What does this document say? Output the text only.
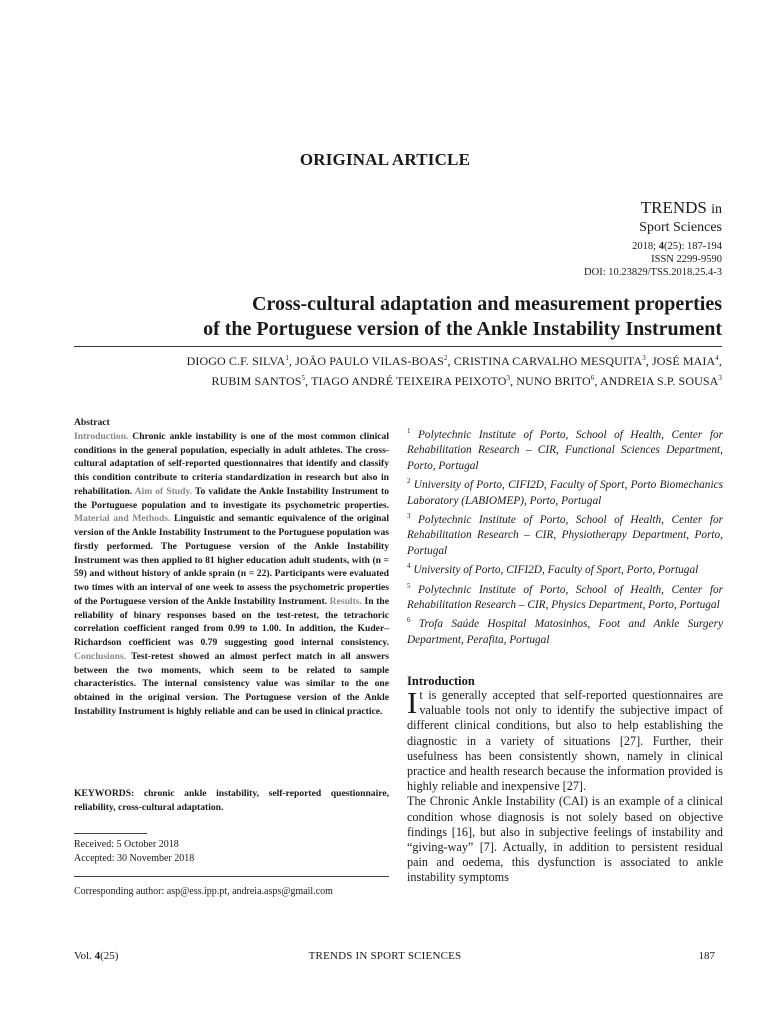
ORIGINAL ARTICLE
TRENDS in
Sport Sciences
2018; 4(25): 187-194
ISSN 2299-9590
DOI: 10.23829/TSS.2018.25.4-3
Cross-cultural adaptation and measurement properties
of the Portuguese version of the Ankle Instability Instrument
DIOGO C.F. SILVA$^1$, JOÃO PAULO VILAS-BOAS$^2$, CRISTINA CARVALHO MESQUITA$^3$, JOSÉ MAIA$^4$,
RUBIM SANTOS$^5$, TIAGO ANDRÉ TEIXEIRA PEIXOTO$^3$, NUNO BRITO$^6$, ANDREIA S.P. SOUSA$^3$
Abstract
Introduction. Chronic ankle instability is one of the most common clinical conditions in the general population, especially in adult athletes. The cross-cultural adaptation of self-reported questionnaires that identify and classify this condition contribute to criteria standardization in research but also in rehabilitation. Aim of Study. To validate the Ankle Instability Instrument to the Portuguese population and to investigate its psychometric properties. Material and Methods. Linguistic and semantic equivalence of the original version of the Ankle Instability Instrument to the Portuguese population was firstly performed. The Portuguese version of the Ankle Instability Instrument was then applied to 81 higher education adult students, with (n = 59) and without history of ankle sprain (n = 22). Participants were evaluated two times with an interval of one week to assess the psychometric properties of the Portuguese version of the Ankle Instability Instrument. Results. In the reliability of binary responses based on the test-retest, the tetrachoric correlation coefficient ranged from 0.99 to 1.00. In addition, the Kuder–Richardson coefficient was 0.79 suggesting good internal consistency. Conclusions. Test-retest showed an almost perfect match in all answers between the two moments, which seem to be related to sample characteristics. The internal consistency value was similar to the one obtained in the original version. The Portuguese version of the Ankle Instability Instrument is highly reliable and can be used in clinical practice.
KEYWORDS: chronic ankle instability, self-reported questionnaire, reliability, cross-cultural adaptation.
Received: 5 October 2018
Accepted: 30 November 2018
Corresponding author: asp@ess.ipp.pt, andreia.asps@gmail.com
$^1$ Polytechnic Institute of Porto, School of Health, Center for Rehabilitation Research – CIR, Functional Sciences Department, Porto, Portugal
$^2$ University of Porto, CIFI2D, Faculty of Sport, Porto Biomechanics Laboratory (LABIOMEP), Porto, Portugal
$^3$ Polytechnic Institute of Porto, School of Health, Center for Rehabilitation Research – CIR, Physiotherapy Department, Porto, Portugal
$^4$ University of Porto, CIFI2D, Faculty of Sport, Porto, Portugal
$^5$ Polytechnic Institute of Porto, School of Health, Center for Rehabilitation Research – CIR, Physics Department, Porto, Portugal
$^6$ Trofa Saúde Hospital Matosinhos, Foot and Ankle Surgery Department, Perafita, Portugal
Introduction

It is generally accepted that self-reported questionnaires are valuable tools not only to identify the subjective impact of different clinical conditions, but also to help establishing the diagnostic in a variety of situations [27]. Further, their usefulness has been consistently shown, namely in clinical practice and health research because the information provided is highly reliable and inexpensive [27].

The Chronic Ankle Instability (CAI) is an example of a clinical condition whose diagnosis is not solely based on objective findings [16], but also in subjective feelings of instability and “giving-way” [7]. Actually, in addition to persistent residual pain and oedema, this dysfunction is associated to ankle instability symptoms

Vol. 4(25)	TRENDS IN SPORT SCIENCES	187
